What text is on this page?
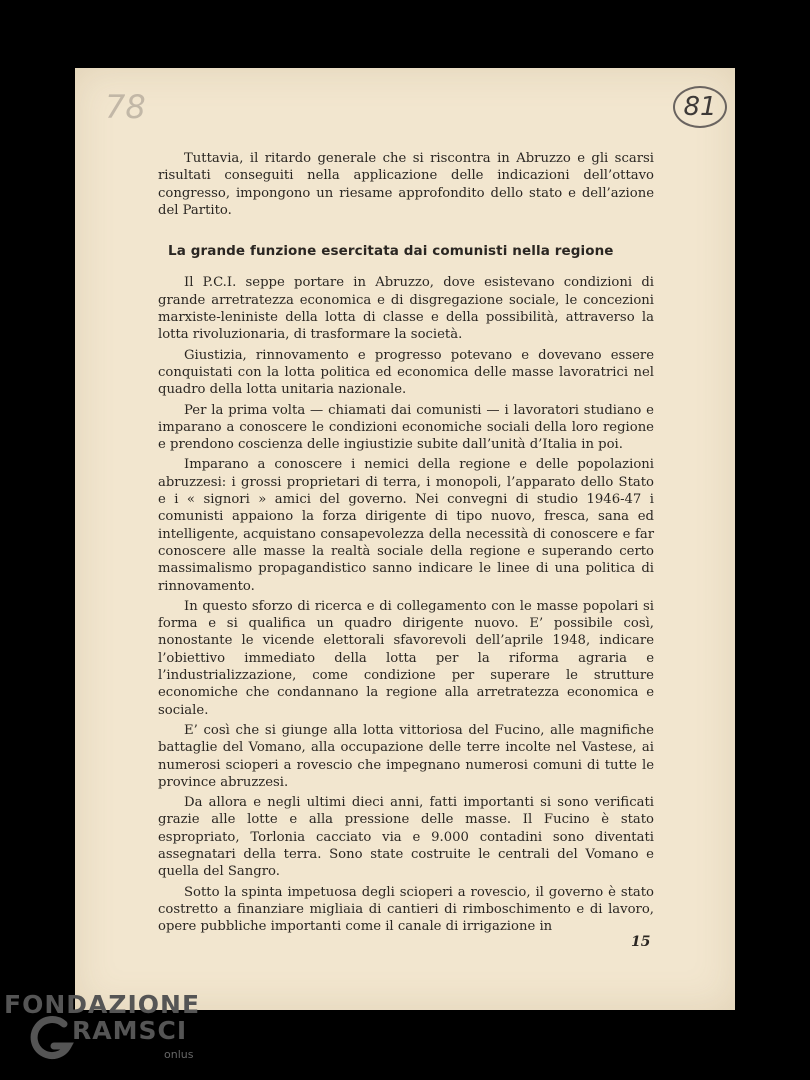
78	81

Tuttavia, il ritardo generale che si riscontra in Abruzzo e gli scarsi risultati conseguiti nella applicazione delle indicazioni dell’ottavo congresso, impongono un riesame approfondito dello stato e dell’azione del Partito.

La grande funzione esercitata dai comunisti nella regione

Il P.C.I. seppe portare in Abruzzo, dove esistevano condizioni di grande arretratezza economica e di disgregazione sociale, le concezioni marxiste-leniniste della lotta di classe e della possibilità, attraverso la lotta rivoluzionaria, di trasformare la società.

Giustizia, rinnovamento e progresso potevano e dovevano essere conquistati con la lotta politica ed economica delle masse lavoratrici nel quadro della lotta unitaria nazionale.

Per la prima volta — chiamati dai comunisti — i lavoratori studiano e imparano a conoscere le condizioni economiche sociali della loro regione e prendono coscienza delle ingiustizie subite dall’unità d’Italia in poi.

Imparano a conoscere i nemici della regione e delle popolazioni abruzzesi: i grossi proprietari di terra, i monopoli, l’apparato dello Stato e i « signori » amici del governo. Nei convegni di studio 1946-47 i comunisti appaiono la forza dirigente di tipo nuovo, fresca, sana ed intelligente, acquistano consapevolezza della necessità di conoscere e far conoscere alle masse la realtà sociale della regione e superando certo massimalismo propagandistico sanno indicare le linee di una politica di rinnovamento.

In questo sforzo di ricerca e di collegamento con le masse popolari si forma e si qualifica un quadro dirigente nuovo. E’ possibile così, nonostante le vicende elettorali sfavorevoli dell’aprile 1948, indicare l’obiettivo immediato della lotta per la riforma agraria e l’industrializzazione, come condizione per superare le strutture economiche che condannano la regione alla arretratezza economica e sociale.

E’ così che si giunge alla lotta vittoriosa del Fucino, alle magnifiche battaglie del Vomano, alla occupazione delle terre incolte nel Vastese, ai numerosi scioperi a rovescio che impegnano numerosi comuni di tutte le province abruzzesi.

Da allora e negli ultimi dieci anni, fatti importanti si sono verificati grazie alle lotte e alla pressione delle masse. Il Fucino è stato espropriato, Torlonia cacciato via e 9.000 contadini sono diventati assegnatari della terra. Sono state costruite le centrali del Vomano e quella del Sangro.

Sotto la spinta impetuosa degli scioperi a rovescio, il governo è stato costretto a finanziare migliaia di cantieri di rimboschimento e di lavoro, opere pubbliche importanti come il canale di irrigazione in

15
FONDAZIONE
RAMSCI
onlus
